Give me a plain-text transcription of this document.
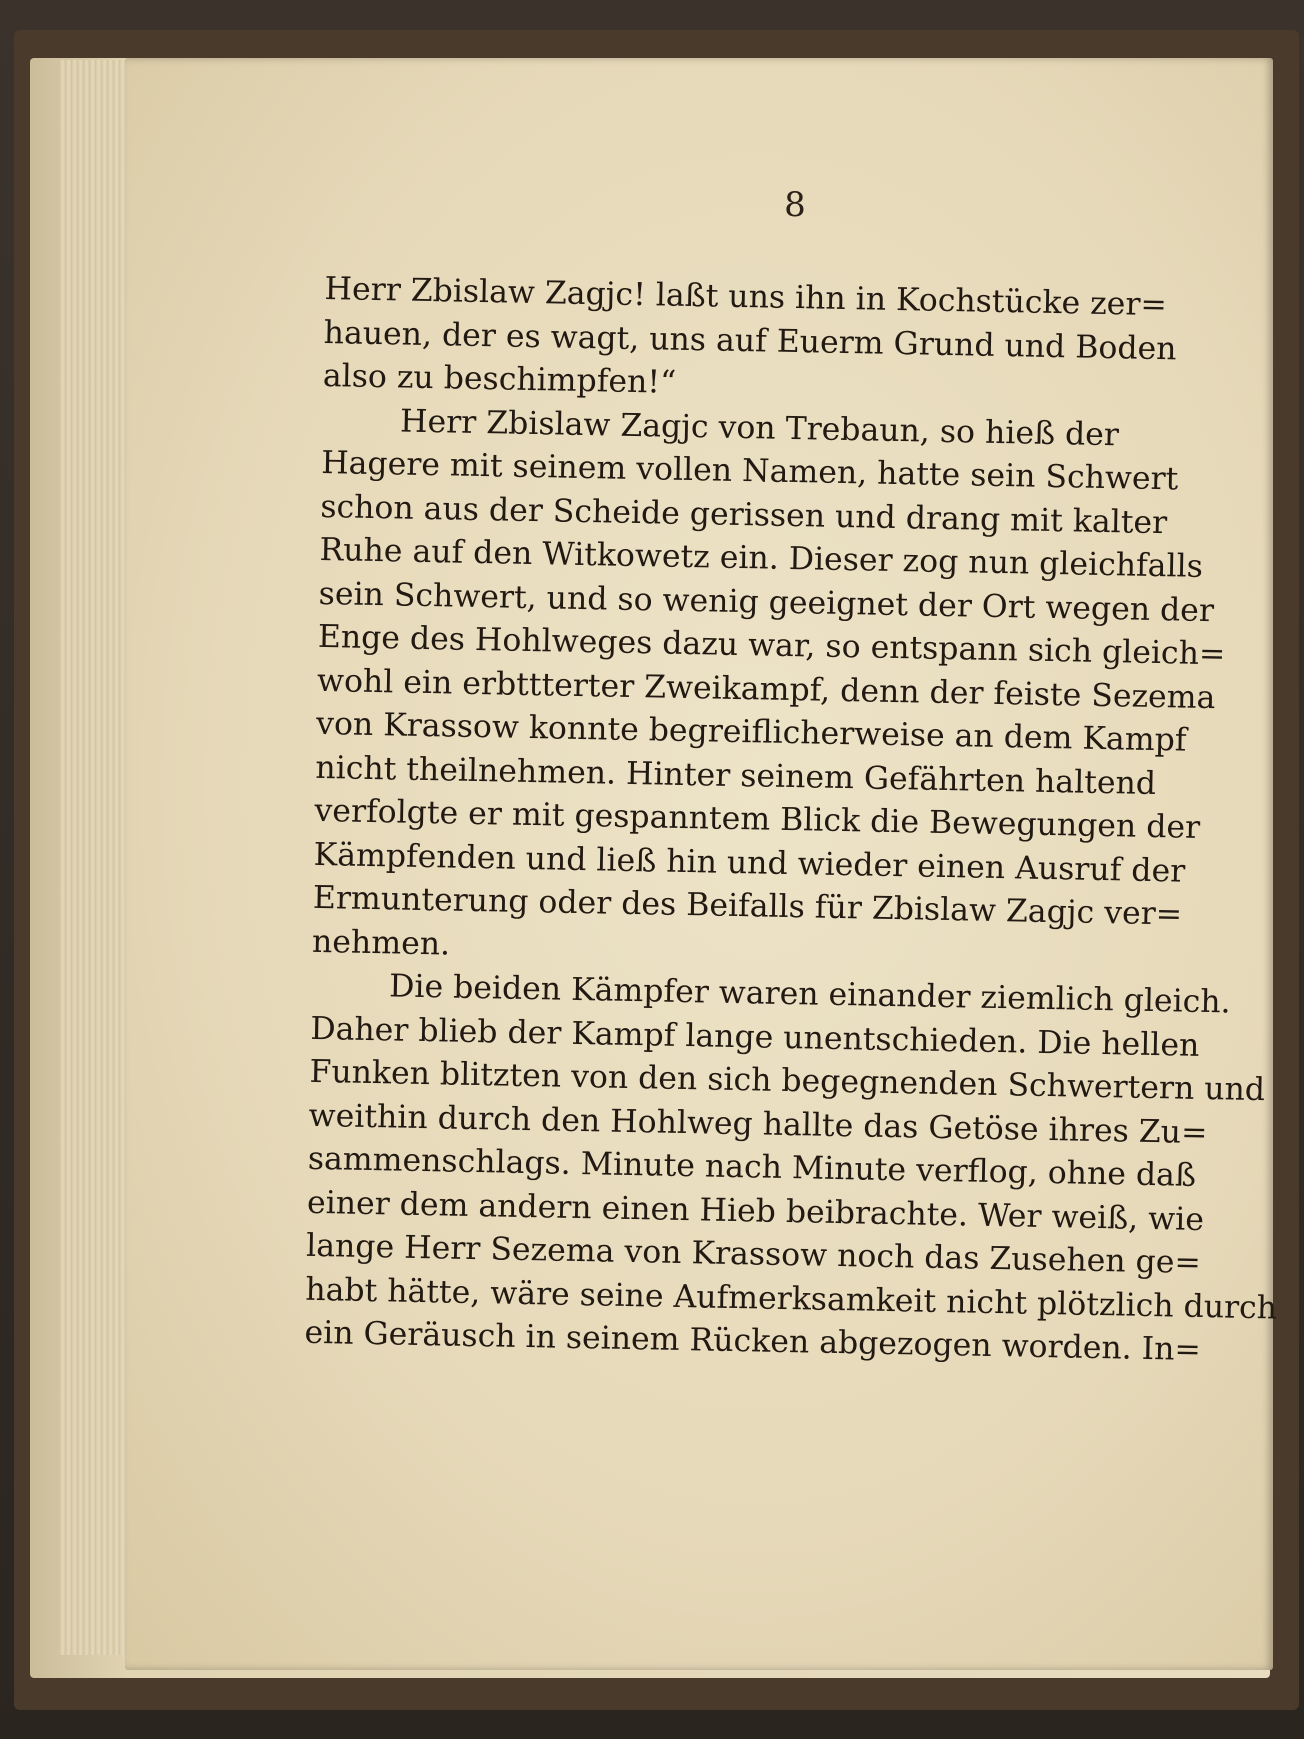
8

Herr Zbislaw Zagjc! laßt uns ihn in Kochstücke zer=
hauen, der es wagt, uns auf Euerm Grund und Boden
also zu beschimpfen!“

Herr Zbislaw Zagjc von Trebaun, so hieß der
Hagere mit seinem vollen Namen, hatte sein Schwert
schon aus der Scheide gerissen und drang mit kalter
Ruhe auf den Witkowetz ein. Dieser zog nun gleichfalls
sein Schwert, und so wenig geeignet der Ort wegen der
Enge des Hohlweges dazu war, so entspann sich gleich=
wohl ein erbttterter Zweikampf, denn der feiste Sezema
von Krassow konnte begreiflicherweise an dem Kampf
nicht theilnehmen. Hinter seinem Gefährten haltend
verfolgte er mit gespanntem Blick die Bewegungen der
Kämpfenden und ließ hin und wieder einen Ausruf der
Ermunterung oder des Beifalls für Zbislaw Zagjc ver=
nehmen.

Die beiden Kämpfer waren einander ziemlich gleich.
Daher blieb der Kampf lange unentschieden. Die hellen
Funken blitzten von den sich begegnenden Schwertern und
weithin durch den Hohlweg hallte das Getöse ihres Zu=
sammenschlags. Minute nach Minute verflog, ohne daß
einer dem andern einen Hieb beibrachte. Wer weiß, wie
lange Herr Sezema von Krassow noch das Zusehen ge=
habt hätte, wäre seine Aufmerksamkeit nicht plötzlich durch
ein Geräusch in seinem Rücken abgezogen worden. In=
